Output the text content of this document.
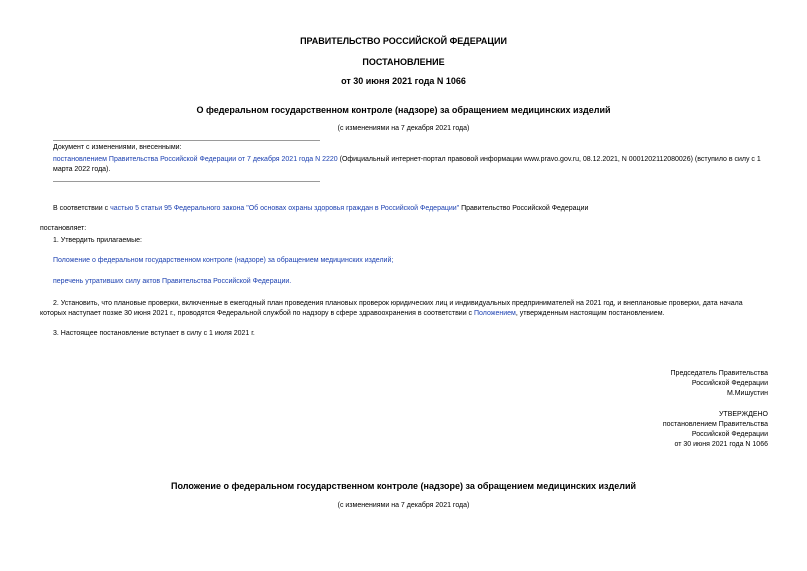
ПРАВИТЕЛЬСТВО РОССИЙСКОЙ ФЕДЕРАЦИИ
ПОСТАНОВЛЕНИЕ
от 30 июня 2021 года N 1066
О федеральном государственном контроле (надзоре) за обращением медицинских изделий
(с изменениями на 7 декабря 2021 года)
Документ с изменениями, внесенными:
постановлением Правительства Российской Федерации от 7 декабря 2021 года N 2220 (Официальный интернет-портал правовой информации www.pravo.gov.ru, 08.12.2021, N 0001202112080026) (вступило в силу с 1 марта 2022 года).
В соответствии с частью 5 статьи 95 Федерального закона "Об основах охраны здоровья граждан в Российской Федерации" Правительство Российской Федерации
постановляет:
1. Утвердить прилагаемые:
Положение о федеральном государственном контроле (надзоре) за обращением медицинских изделий;
перечень утративших силу актов Правительства Российской Федерации.
2. Установить, что плановые проверки, включенные в ежегодный план проведения плановых проверок юридических лиц и индивидуальных предпринимателей на 2021 год, и внеплановые проверки, дата начала которых наступает позже 30 июня 2021 г., проводятся Федеральной службой по надзору в сфере здравоохранения в соответствии с Положением, утвержденным настоящим постановлением.
3. Настоящее постановление вступает в силу с 1 июля 2021 г.
Председатель Правительства
Российской Федерации
М.Мишустин
УТВЕРЖДЕНО
постановлением Правительства
Российской Федерации
от 30 июня 2021 года N 1066
Положение о федеральном государственном контроле (надзоре) за обращением медицинских изделий
(с изменениями на 7 декабря 2021 года)
